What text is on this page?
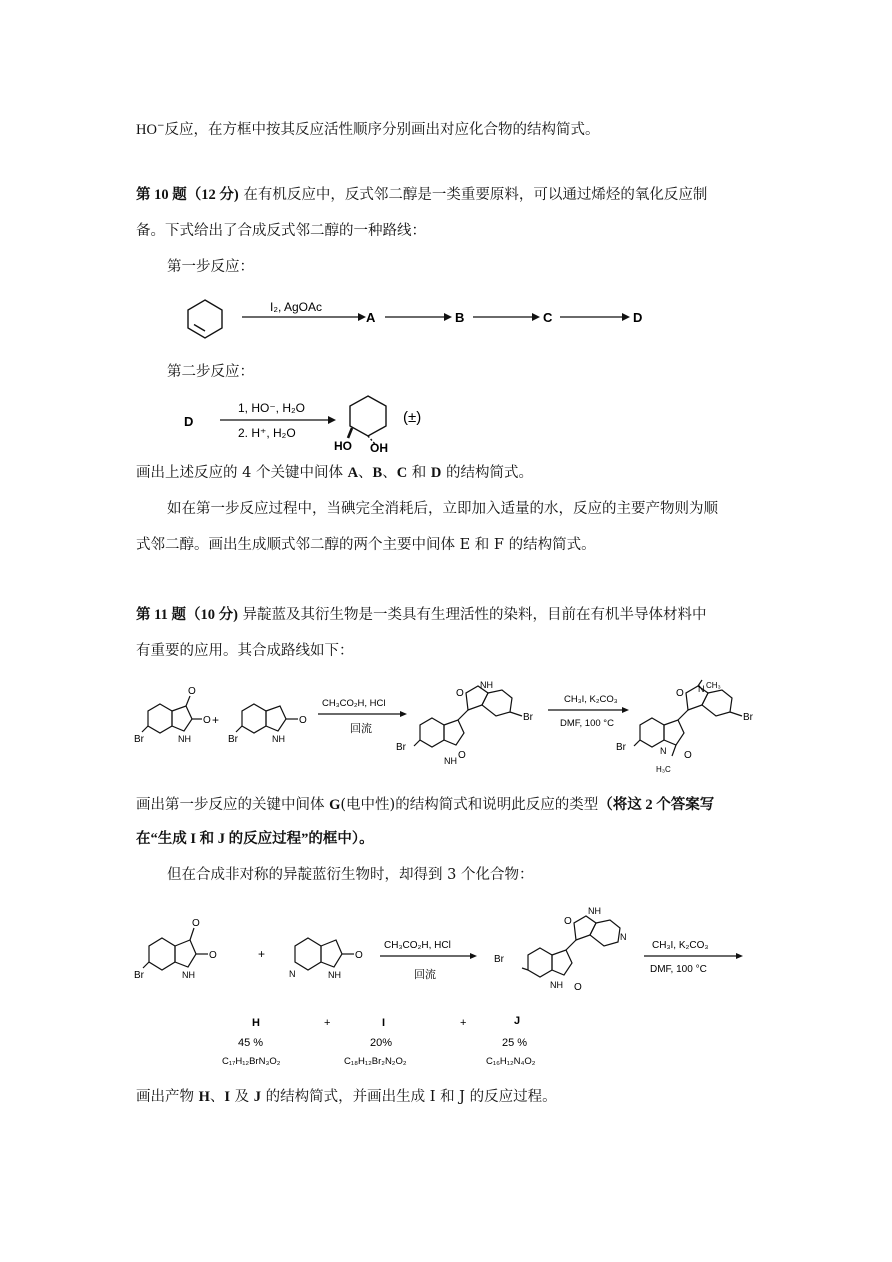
HO−反应，在方框中按其反应活性顺序分别画出对应化合物的结构简式。
第 10 题（12 分) 在有机反应中，反式邻二醇是一类重要原料，可以通过烯烃的氧化反应制
备。下式给出了合成反式邻二醇的一种路线：
第一步反应：
I₂, AgOAc
A	B	C	D
第二步反应：
D
1, HO⁻, H₂O
2. H⁺, H₂O
HO OH
(±)
画出上述反应的 4 个关键中间体 A、B、C 和 D 的结构简式。
如在第一步反应过程中，当碘完全消耗后，立即加入适量的水，反应的主要产物则为顺
式邻二醇。画出生成顺式邻二醇的两个主要中间体 E 和 F 的结构简式。
第 11 题（10 分) 异靛蓝及其衍生物是一类具有生理活性的染料，目前在有机半导体材料中
有重要的应用。其合成路线如下：
O
O
NH
Br
+	O
NH
Br
CH₃CO₂H, HCl
回流
O
NH
O
NH
Br
Br
CH₃I, K₂CO₃
DMF, 100 °C
O N CH₃
O
N
H₃C
Br
Br
画出第一步反应的关键中间体 G(电中性)的结构简式和说明此反应的类型（将这 2 个答案写
在“生成 I 和 J 的反应过程”的框中）。
但在合成非对称的异靛蓝衍生物时，却得到 3 个化合物：
O
O
NH
Br
+	O
N	NH
CH₃CO₂H, HCl
回流
O
NH
O
NH
N
Br
CH₃I, K₂CO₃
DMF, 100 °C
H
45 %
C₁₇H₁₂BrN₃O₂
+	I
20%
C₁₈H₁₂Br₂N₂O₂
+	J
25 %
C₁₆H₁₂N₄O₂
画出产物 H、I 及 J 的结构简式，并画出生成 I 和 J 的反应过程。
